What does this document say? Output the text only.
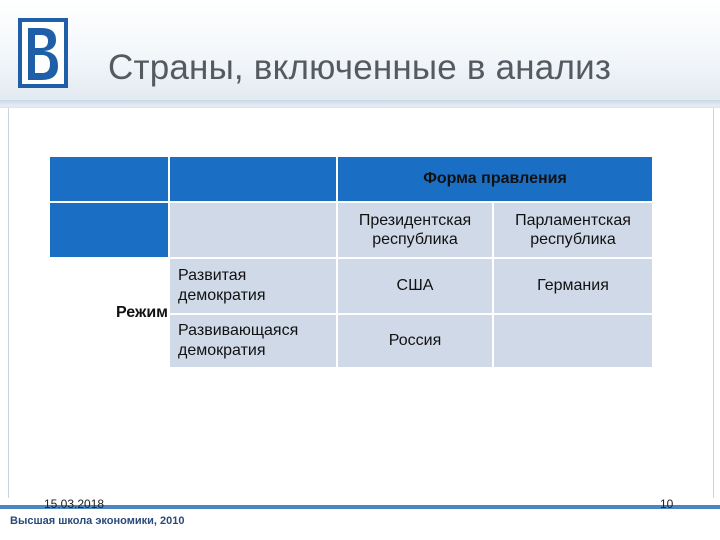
Страны, включенные в анализ
		Форма правления	
		Президентская республика	Парламентская республика
Режим	Развитая демократия	США	Германия
	Развивающаяся демократия	Россия	
15.03.2018	10
Высшая школа экономики, 2010
